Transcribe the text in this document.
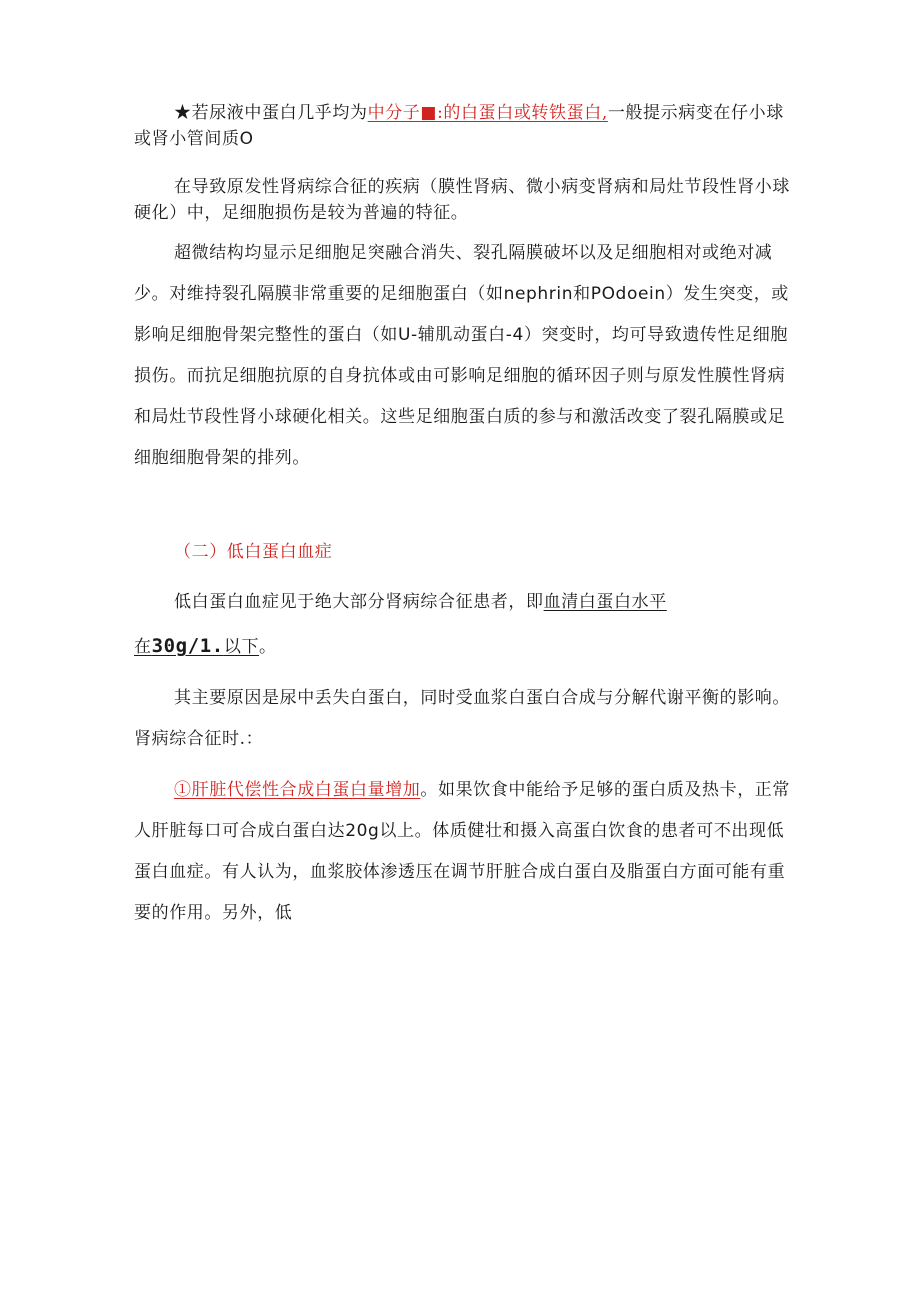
★若尿液中蛋白几乎均为中分子■:的白蛋白或转铁蛋白,一般提示病变在仔小球或肾小管间质O

在导致原发性肾病综合征的疾病（膜性肾病、微小病变肾病和局灶节段性肾小球硬化）中，足细胞损伤是较为普遍的特征。

超微结构均显示足细胞足突融合消失、裂孔隔膜破坏以及足细胞相对或绝对减少。对维持裂孔隔膜非常重要的足细胞蛋白（如nephrin和POdoein）发生突变，或影响足细胞骨架完整性的蛋白（如U-辅肌动蛋白-4）突变时，均可导致遗传性足细胞损伤。而抗足细胞抗原的自身抗体或由可影响足细胞的循环因子则与原发性膜性肾病和局灶节段性肾小球硬化相关。这些足细胞蛋白质的参与和激活改变了裂孔隔膜或足细胞细胞骨架的排列。

（二）低白蛋白血症

低白蛋白血症见于绝大部分肾病综合征患者，即血清白蛋白水平

在30g∕1.以下。

其主要原因是尿中丢失白蛋白，同时受血浆白蛋白合成与分解代谢平衡的影响。肾病综合征时.：

①肝脏代偿性合成白蛋白量增加。如果饮食中能给予足够的蛋白质及热卡，正常人肝脏每口可合成白蛋白达20g以上。体质健壮和摄入高蛋白饮食的患者可不出现低蛋白血症。有人认为，血浆胶体渗透压在调节肝脏合成白蛋白及脂蛋白方面可能有重要的作用。另外，低
